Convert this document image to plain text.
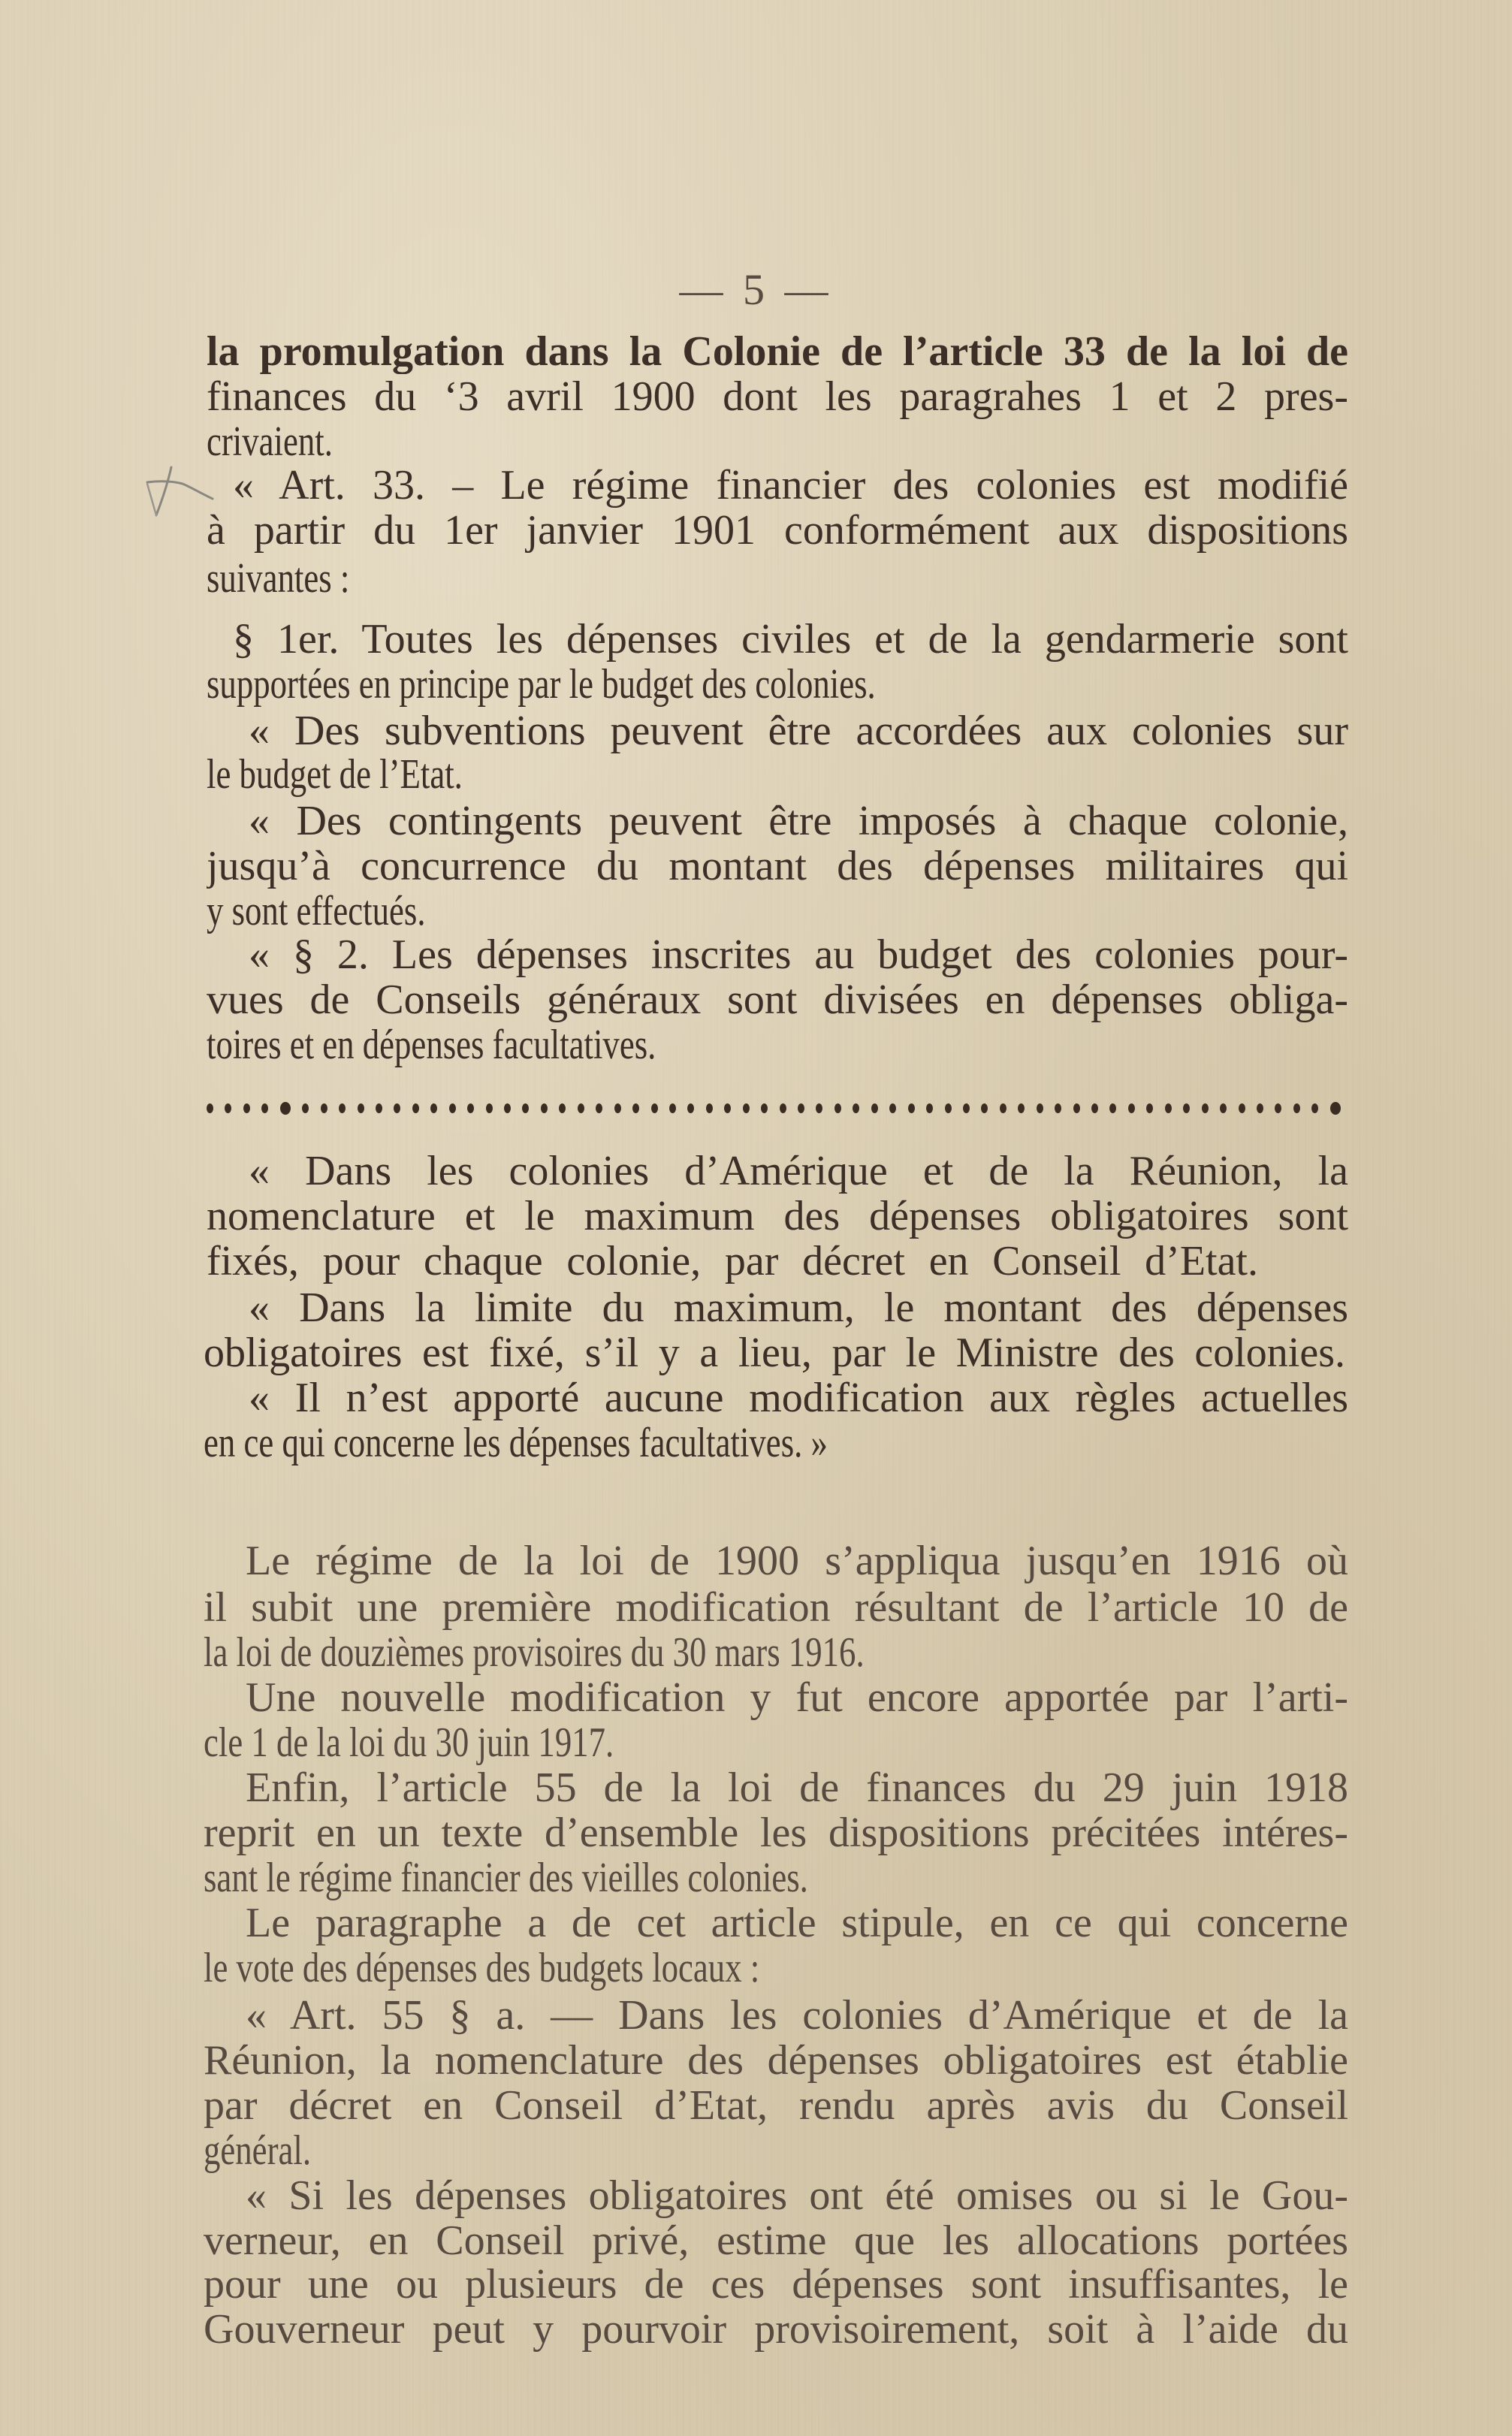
— 5 —
la promulgation dans la Colonie de l’article 33 de la loi de
finances du ‘3 avril 1900 dont les paragrahes 1 et 2 pres-
crivaient.
« Art. 33. – Le régime financier des colonies est modifié
à partir du 1er janvier 1901 conformément aux dispositions
suivantes :
§ 1er. Toutes les dépenses civiles et de la gendarmerie sont
supportées en principe par le budget des colonies.
« Des subventions peuvent être accordées aux colonies sur
le budget de l’Etat.
« Des contingents peuvent être imposés à chaque colonie,
jusqu’à concurrence du montant des dépenses militaires qui
y sont effectués.
« § 2. Les dépenses inscrites au budget des colonies pour-
vues de Conseils généraux sont divisées en dépenses obliga-
toires et en dépenses facultatives.
« Dans les colonies d’Amérique et de la Réunion, la
nomenclature et le maximum des dépenses obligatoires sont
fixés, pour chaque colonie, par décret en Conseil d’Etat.
« Dans la limite du maximum, le montant des dépenses
obligatoires est fixé, s’il y a lieu, par le Ministre des colonies.
« Il n’est apporté aucune modification aux règles actuelles
en ce qui concerne les dépenses facultatives. »
Le régime de la loi de 1900 s’appliqua jusqu’en 1916 où
il subit une première modification résultant de l’article 10 de
la loi de douzièmes provisoires du 30 mars 1916.
Une nouvelle modification y fut encore apportée par l’arti-
cle 1 de la loi du 30 juin 1917.
Enfin, l’article 55 de la loi de finances du 29 juin 1918
reprit en un texte d’ensemble les dispositions précitées intéres-
sant le régime financier des vieilles colonies.
Le paragraphe a de cet article stipule, en ce qui concerne
le vote des dépenses des budgets locaux :
« Art. 55 § a. — Dans les colonies d’Amérique et de la
Réunion, la nomenclature des dépenses obligatoires est établie
par décret en Conseil d’Etat, rendu après avis du Conseil
général.
« Si les dépenses obligatoires ont été omises ou si le Gou-
verneur, en Conseil privé, estime que les allocations portées
pour une ou plusieurs de ces dépenses sont insuffisantes, le
Gouverneur peut y pourvoir provisoirement, soit à l’aide du
